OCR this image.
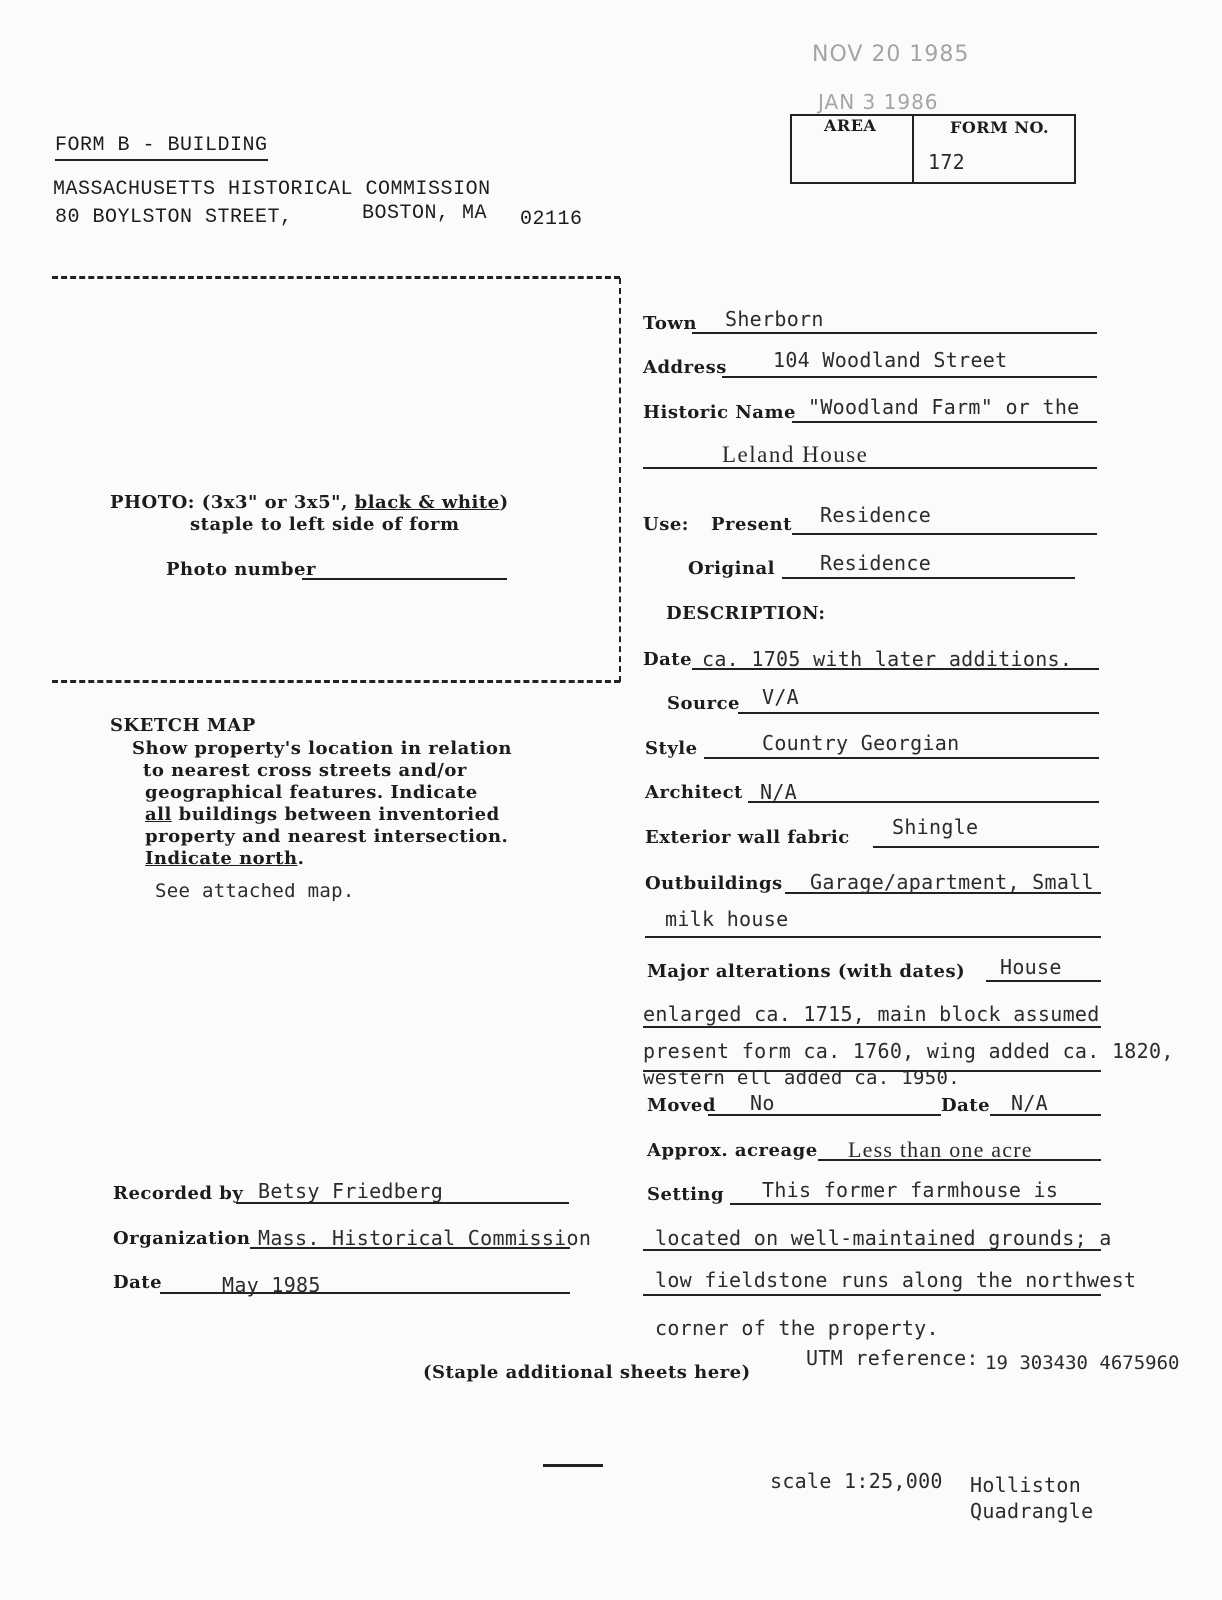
NOV 20 1985
JAN 3 1986
FORM B - BUILDING
MASSACHUSETTS HISTORICAL COMMISSION
80 BOYLSTON STREET,	BOSTON, MA 02116
AREA	FORM NO.
172
PHOTO: (3x3" or 3x5", black & white)
staple to left side of form
Photo number
SKETCH MAP
Show property's location in relation
to nearest cross streets and/or
geographical features. Indicate
all buildings between inventoried
property and nearest intersection.
Indicate north.
See attached map.
Town Sherborn
Address 104 Woodland Street
Historic Name "Woodland Farm" or the
Leland House
Use: Present Residence
Original Residence
DESCRIPTION:
Date ca. 1705 with later additions.
Source V/A
Style	Country Georgian
Architect N/A
Exterior wall fabric Shingle
Outbuildings Garage/apartment, Small
milk house
Major alterations (with dates) House
enlarged ca. 1715, main block assumed
present form ca. 1760, wing added ca. 1820,
western ell added ca. 1950.
Moved No	Date N/A
Approx. acreage Less than one acre
Setting This former farmhouse is
located on well-maintained grounds; a
low fieldstone runs along the northwest
corner of the property.
Recorded by Betsy Friedberg
Organization Mass. Historical Commission
Date	May 1985
(Staple additional sheets here)
UTM reference: 19 303430 4675960
scale 1:25,000 Holliston
Quadrangle
